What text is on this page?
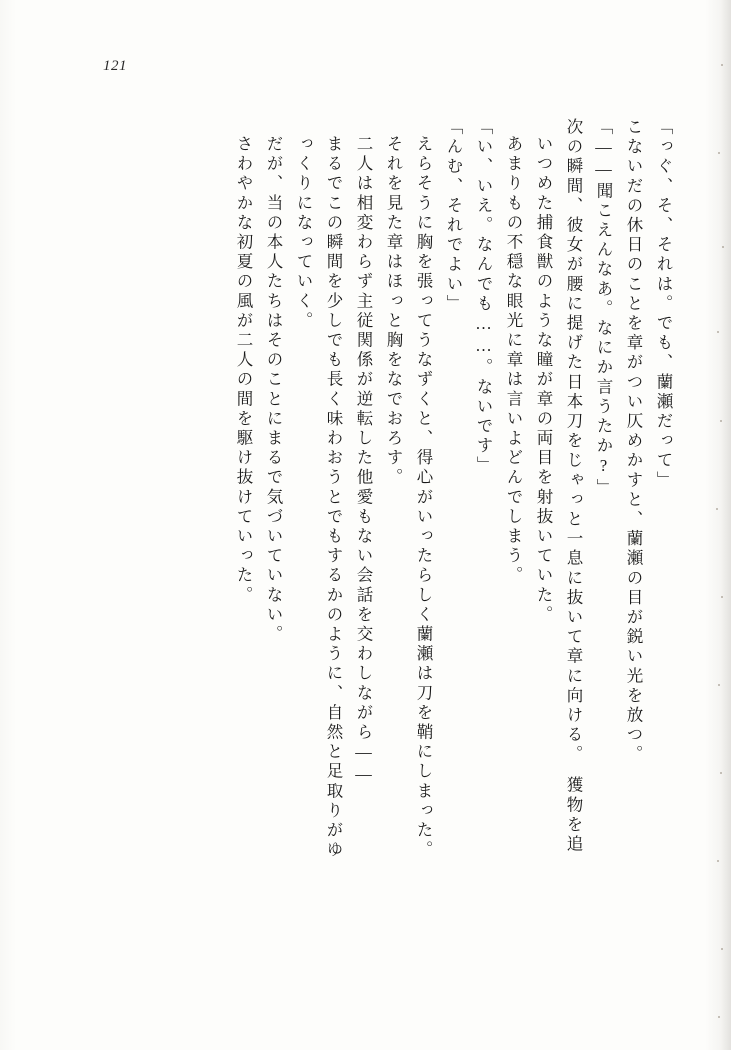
121
「っぐ、そ、それは。でも、蘭瀬だって」
こないだの休日のことを章がつい仄めかすと、蘭瀬の目が鋭い光を放つ。
「——聞こえんなあ。なにか言うたか?」
次の瞬間、彼女が腰に提げた日本刀をじゃっと一息に抜いて章に向ける。　獲物を追
いつめた捕食獣のような瞳が章の両目を射抜いていた。
あまりもの不穏な眼光に章は言いよどんでしまう。
「い、いえ。なんでも……。ないです」
「んむ、それでよい」
えらそうに胸を張ってうなずくと、得心がいったらしく蘭瀬は刀を鞘にしまった。
それを見た章はほっと胸をなでおろす。
二人は相変わらず主従関係が逆転した他愛もない会話を交わしながら——
まるでこの瞬間を少しでも長く味わおうとでもするかのように、自然と足取りがゆ
っくりになっていく。
だが、当の本人たちはそのことにまるで気づいていない。
さわやかな初夏の風が二人の間を駆け抜けていった。
